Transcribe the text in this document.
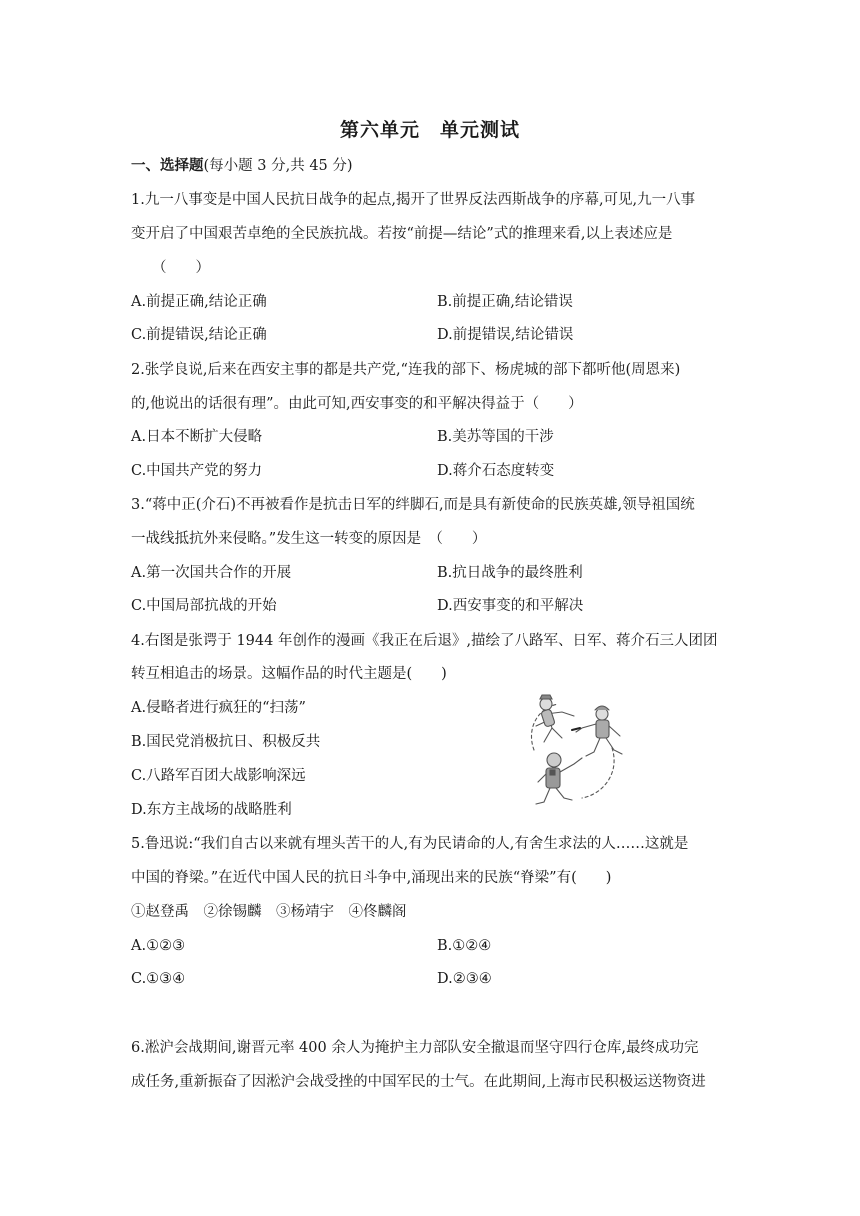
第六单元　单元测试
一、选择题(每小题 3 分,共 45 分)
1.九一八事变是中国人民抗日战争的起点,揭开了世界反法西斯战争的序幕,可见,九一八事
变开启了中国艰苦卓绝的全民族抗战。若按“前提—结论”式的推理来看,以上表述应是
（　　）
A.前提正确,结论正确	B.前提正确,结论错误
C.前提错误,结论正确	D.前提错误,结论错误
2.张学良说,后来在西安主事的都是共产党,“连我的部下、杨虎城的部下都听他(周恩来)
的,他说出的话很有理”。由此可知,西安事变的和平解决得益于（　　）
A.日本不断扩大侵略	B.美苏等国的干涉
C.中国共产党的努力	D.蒋介石态度转变
3.“蒋中正(介石)不再被看作是抗击日军的绊脚石,而是具有新使命的民族英雄,领导祖国统
一战线抵抗外来侵略。”发生这一转变的原因是　（　　）
A.第一次国共合作的开展	B.抗日战争的最终胜利
C.中国局部抗战的开始	D.西安事变的和平解决
4.右图是张谔于 1944 年创作的漫画《我正在后退》,描绘了八路军、日军、蒋介石三人团团
转互相追击的场景。这幅作品的时代主题是(　　)
A.侵略者进行疯狂的“扫荡”
B.国民党消极抗日、积极反共
C.八路军百团大战影响深远
D.东方主战场的战略胜利
5.鲁迅说:“我们自古以来就有埋头苦干的人,有为民请命的人,有舍生求法的人……这就是
中国的脊梁。”在近代中国人民的抗日斗争中,涌现出来的民族“脊梁”有(　　)
①赵登禹　②徐锡麟　③杨靖宇　④佟麟阁
A.①②③	B.①②④
C.①③④	D.②③④
6.淞沪会战期间,谢晋元率 400 余人为掩护主力部队安全撤退而坚守四行仓库,最终成功完
成任务,重新振奋了因淞沪会战受挫的中国军民的士气。在此期间,上海市民积极运送物资进
